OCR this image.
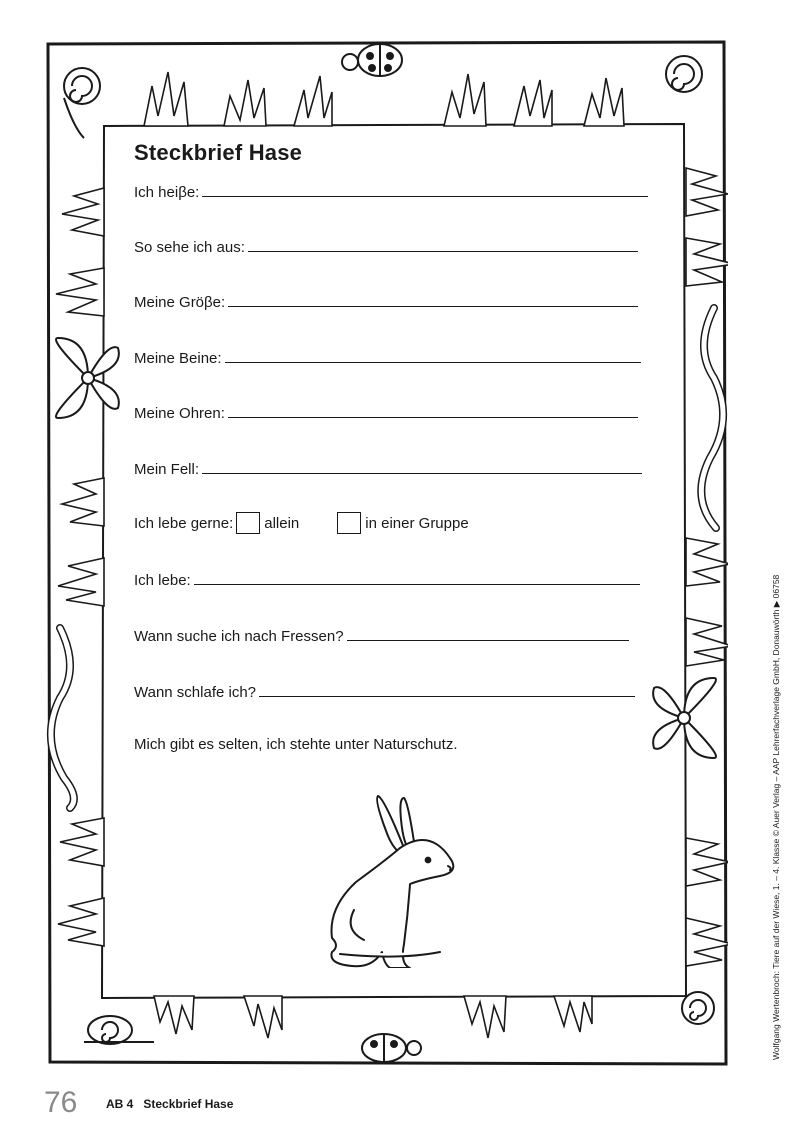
Steckbrief Hase
Ich heiβe:
So sehe ich aus:
Meine Gröβe:
Meine Beine:
Meine Ohren:
Mein Fell:
Ich lebe gerne: allein	in einer Gruppe
Ich lebe:
Wann suche ich nach Fressen?
Wann schlafe ich?
Mich gibt es selten, ich stehte unter Naturschutz.
76 AB 4 Steckbrief Hase
Wolfgang Wertenbroch: Tiere auf der Wiese, 1. – 4. Klasse © Auer Verlag – AAP Lehrerfachverlage GmbH, Donauwörth ▶ 06758
